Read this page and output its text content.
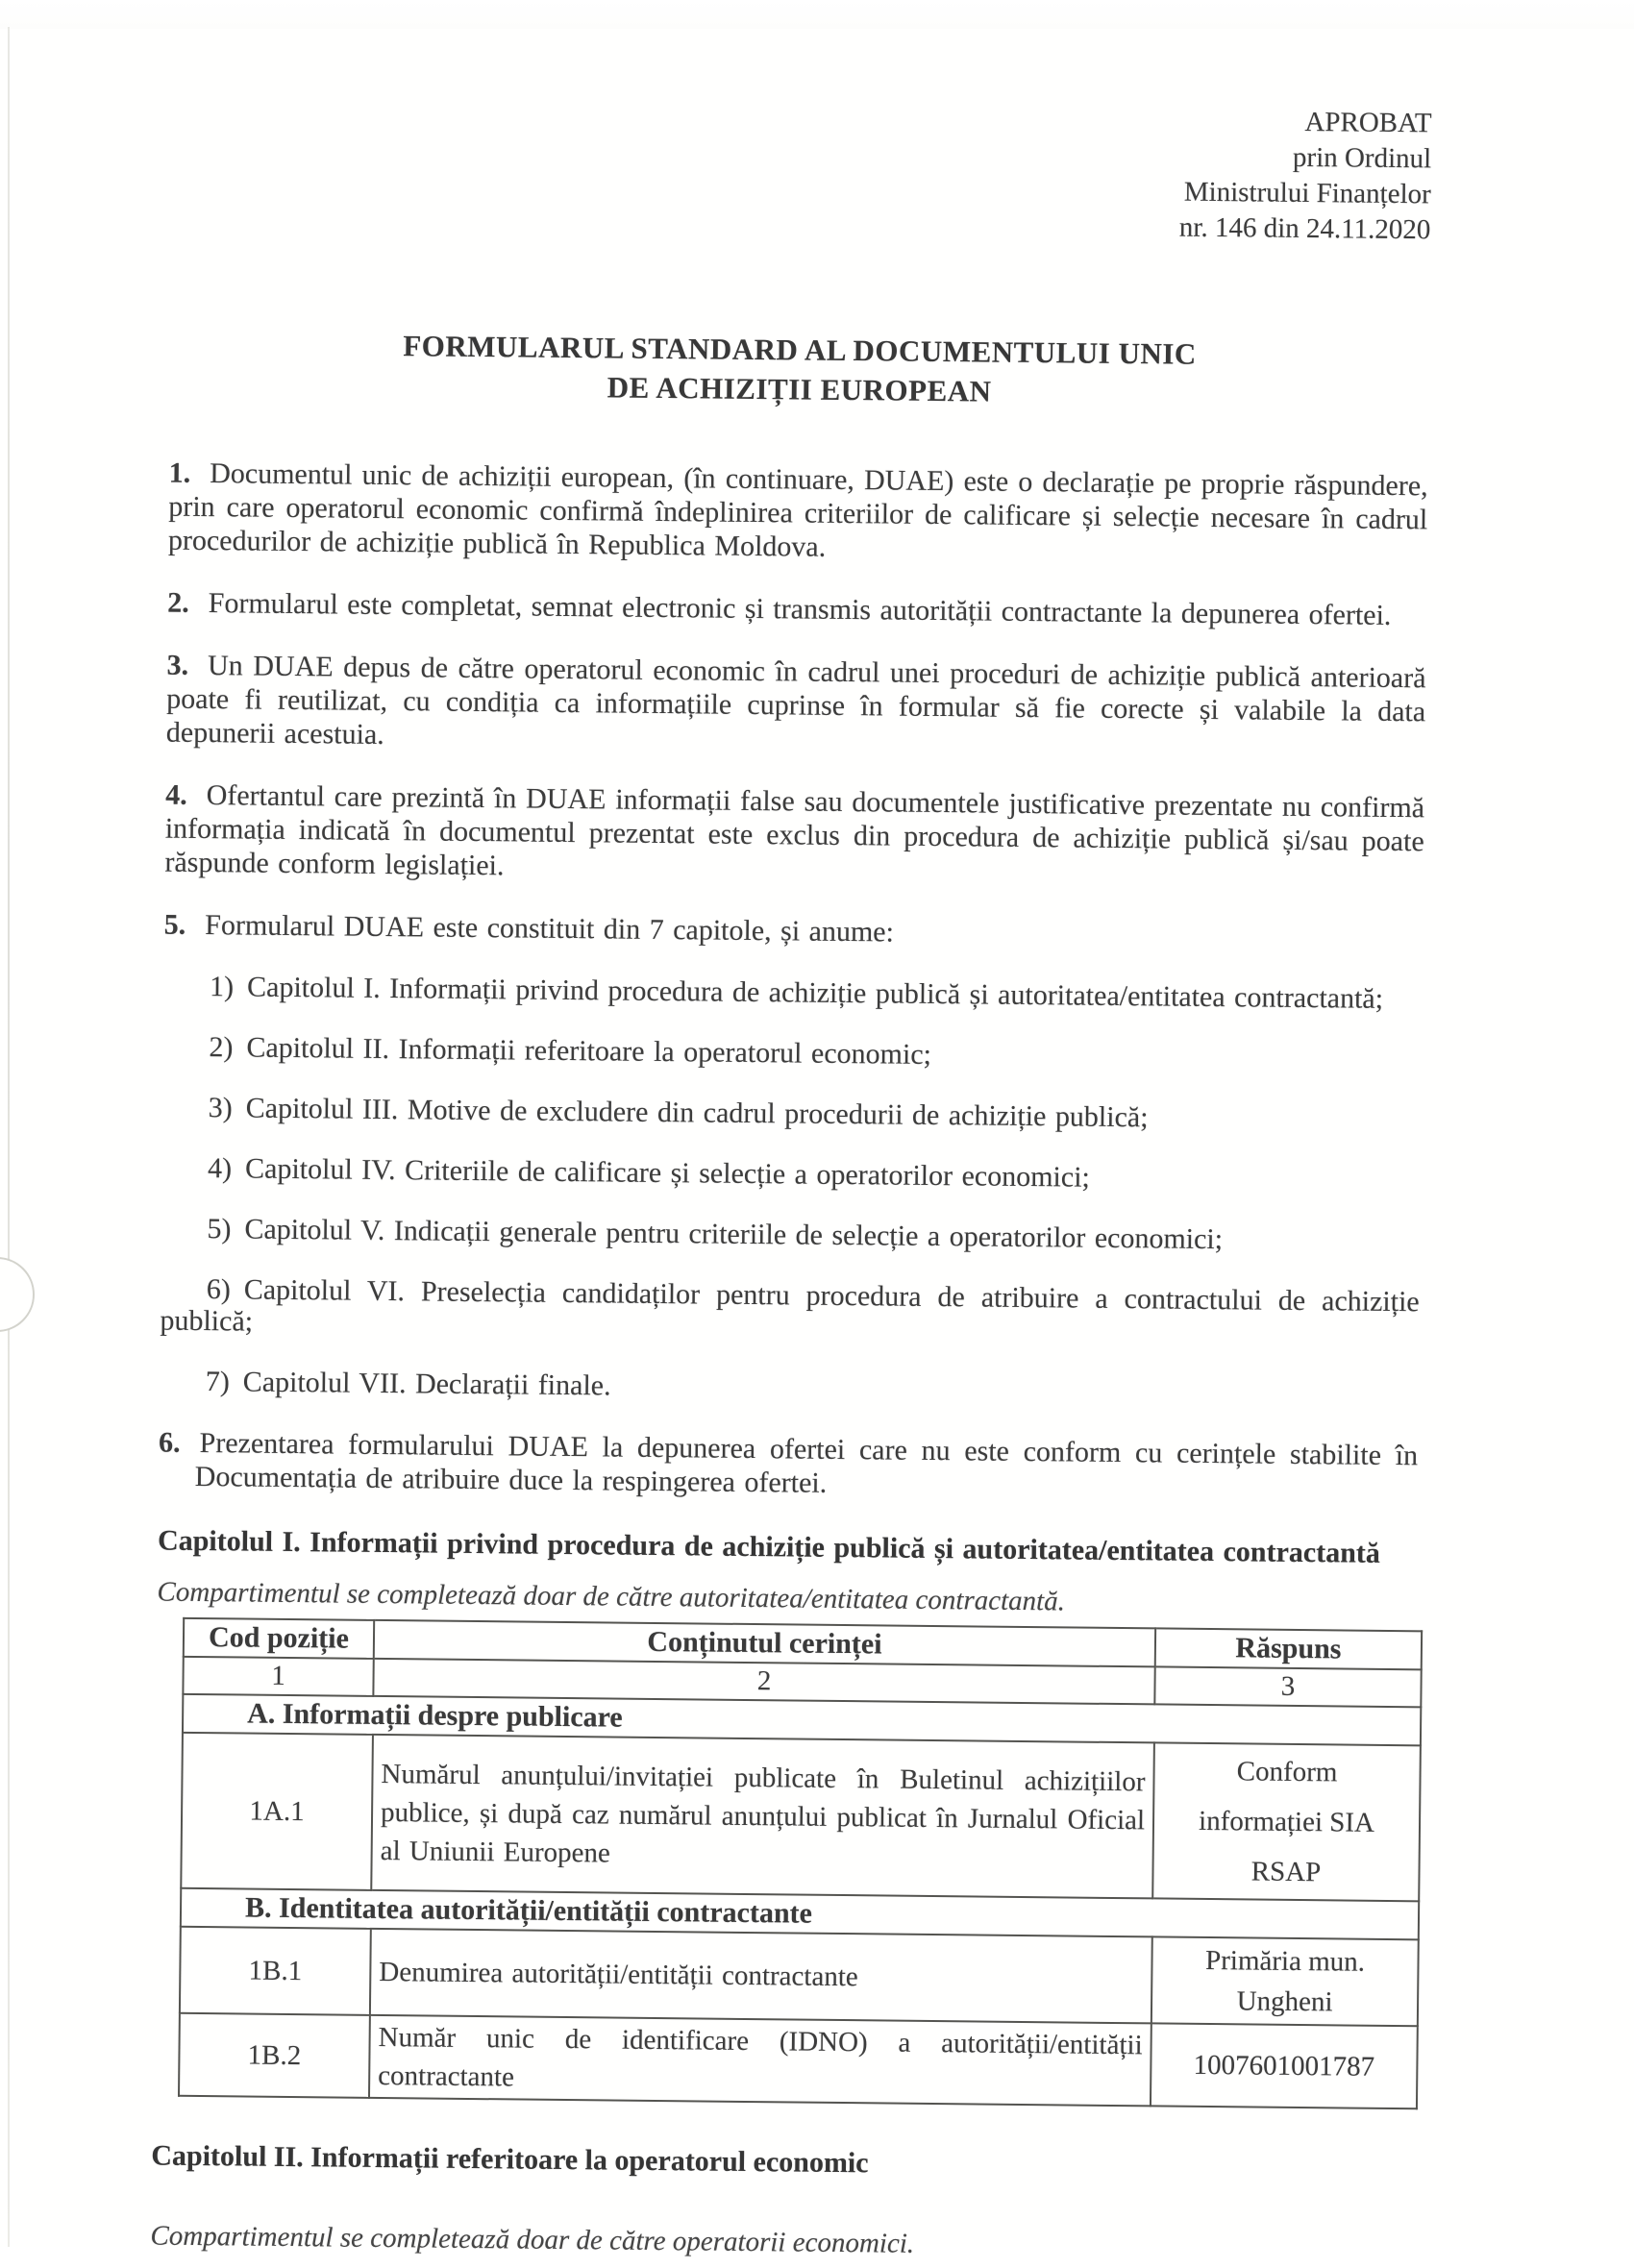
APROBAT
prin Ordinul
Ministrului Finanțelor
nr. 146 din 24.11.2020
FORMULARUL STANDARD AL DOCUMENTULUI UNIC
DE ACHIZIȚII EUROPEAN

1. Documentul unic de achiziții european, (în continuare, DUAE) este o declarație pe proprie răspundere, prin care operatorul economic confirmă îndeplinirea criteriilor de calificare și selecție necesare în cadrul procedurilor de achiziție publică în Republica Moldova.

2. Formularul este completat, semnat electronic și transmis autorității contractante la depunerea ofertei.

3. Un DUAE depus de către operatorul economic în cadrul unei proceduri de achiziție publică anterioară poate fi reutilizat, cu condiția ca informațiile cuprinse în formular să fie corecte și valabile la data depunerii acestuia.

4. Ofertantul care prezintă în DUAE informații false sau documentele justificative prezentate nu confirmă informația indicată în documentul prezentat este exclus din procedura de achiziție publică și/sau poate răspunde conform legislației.

5. Formularul DUAE este constituit din 7 capitole, și anume:

1) Capitolul I. Informații privind procedura de achiziție publică și autoritatea/entitatea contractantă;

2) Capitolul II. Informații referitoare la operatorul economic;

3) Capitolul III. Motive de excludere din cadrul procedurii de achiziție publică;

4) Capitolul IV. Criteriile de calificare și selecție a operatorilor economici;

5) Capitolul V. Indicații generale pentru criteriile de selecție a operatorilor economici;

6) Capitolul VI. Preselecția candidaților pentru procedura de atribuire a contractului de achiziție publică;

7) Capitolul VII. Declarații finale.

6. Prezentarea formularului DUAE la depunerea ofertei care nu este conform cu cerințele stabilite în Documentația de atribuire duce la respingerea ofertei.

Capitolul I. Informații privind procedura de achiziție publică și autoritatea/entitatea contractantă
Compartimentul se completează doar de către autoritatea/entitatea contractantă.
Cod poziție	Conținutul cerinței	Răspuns
1	2	3
A. Informații despre publicare		
1A.1	Numărul anunțului/invitației publicate în Buletinul achizițiilor publice, și după caz numărul anunțului publicat în Jurnalul Oficial al Uniunii Europene	Conform
informației SIA
RSAP

B. Identitatea autorității/entității contractante		
1B.1	Denumirea autorității/entității contractante	Primăria mun.
Ungheni

1B.2	Număr unic de identificare (IDNO) a autorității/entității contractante	1007601001787
Capitolul II. Informații referitoare la operatorul economic
Compartimentul se completează doar de către operatorii economici.
